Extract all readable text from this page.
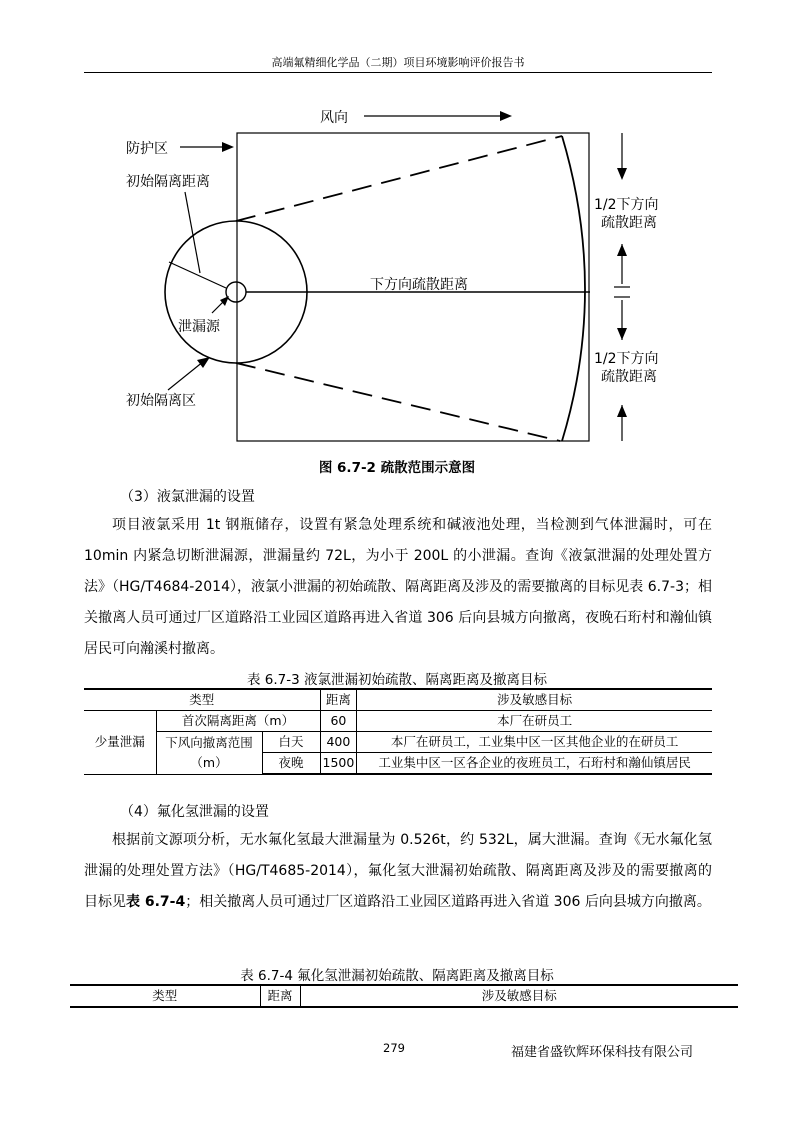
高端氟精细化学品（二期）项目环境影响评价报告书
风向
防护区
下方向疏散距离
初始隔离距离
泄漏源
初始隔离区
1/2下方向
疏散距离
1/2下方向
疏散距离
图 6.7-2 疏散范围示意图
（3）液氯泄漏的设置

项目液氯采用 1t 钢瓶储存，设置有紧急处理系统和碱液池处理，当检测到气体泄漏时，可在 10min 内紧急切断泄漏源，泄漏量约 72L，为小于 200L 的小泄漏。查询《液氯泄漏的处理处置方法》（HG/T4684-2014），液氯小泄漏的初始疏散、隔离距离及涉及的需要撤离的目标见表 6.7-3；相关撤离人员可通过厂区道路沿工业园区道路再进入省道 306 后向县城方向撤离，夜晚石珩村和瀚仙镇居民可向瀚溪村撤离。

表 6.7-3 液氯泄漏初始疏散、隔离距离及撤离目标
类型			距离	涉及敏感目标
少量泄漏	首次隔离距离（m）		60	本厂在研员工
	下风向撤离范围
（m）	白天	400	本厂在研员工，工业集中区一区其他企业的在研员工
		夜晚	1500	工业集中区一区各企业的夜班员工，石珩村和瀚仙镇居民
（4）氟化氢泄漏的设置

根据前文源项分析，无水氟化氢最大泄漏量为 0.526t，约 532L，属大泄漏。查询《无水氟化氢泄漏的处理处置方法》（HG/T4685-2014），氟化氢大泄漏初始疏散、隔离距离及涉及的需要撤离的目标见表 6.7-4；相关撤离人员可通过厂区道路沿工业园区道路再进入省道 306 后向县城方向撤离。

表 6.7-4 氟化氢泄漏初始疏散、隔离距离及撤离目标
类型	距离	涉及敏感目标
279	福建省盛钦辉环保科技有限公司
